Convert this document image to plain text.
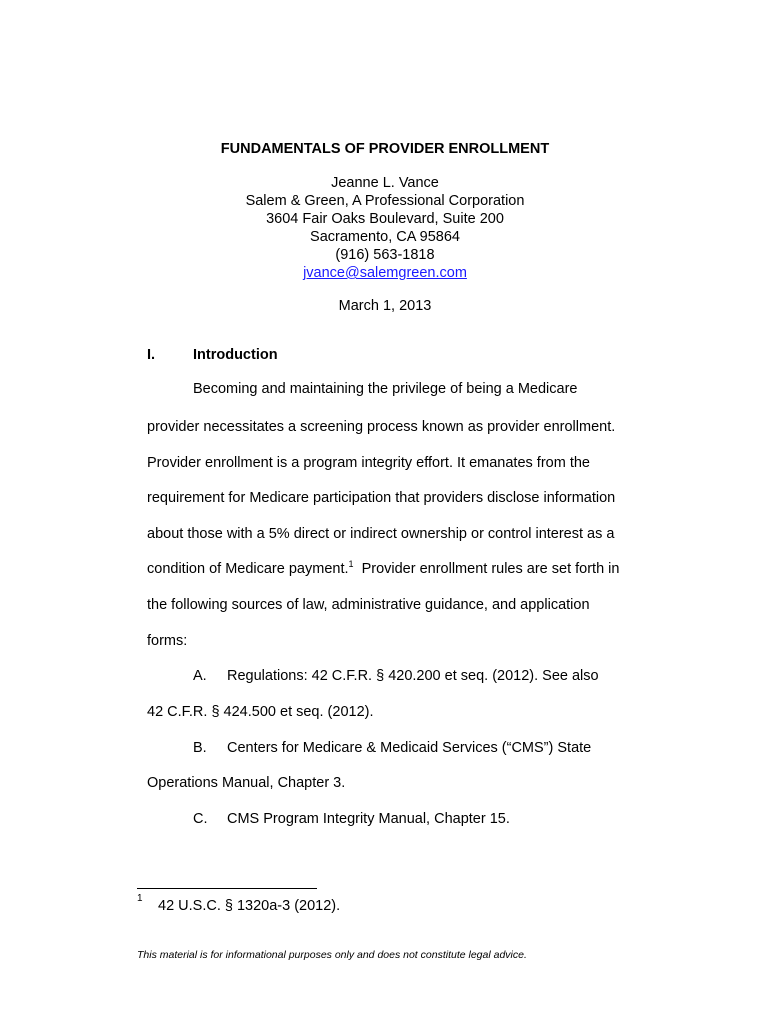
FUNDAMENTALS OF PROVIDER ENROLLMENT
Jeanne L. Vance
Salem & Green, A Professional Corporation
3604 Fair Oaks Boulevard, Suite 200
Sacramento, CA 95864
(916) 563-1818
jvance@salemgreen.com
March 1, 2013
I.	Introduction
Becoming and maintaining the privilege of being a Medicare
provider necessitates a screening process known as provider enrollment.
Provider enrollment is a program integrity effort. It emanates from the
requirement for Medicare participation that providers disclose information
about those with a 5% direct or indirect ownership or control interest as a
condition of Medicare payment.$^1$  Provider enrollment rules are set forth in
the following sources of law, administrative guidance, and application
forms:
A. Regulations: 42 C.F.R. § 420.200 et seq. (2012). See also
42 C.F.R. § 424.500 et seq. (2012).
B. Centers for Medicare & Medicaid Services (“CMS”) State
Operations Manual, Chapter 3.
C. CMS Program Integrity Manual, Chapter 15.
1 42 U.S.C. § 1320a-3 (2012).
This material is for informational purposes only and does not constitute legal advice.
